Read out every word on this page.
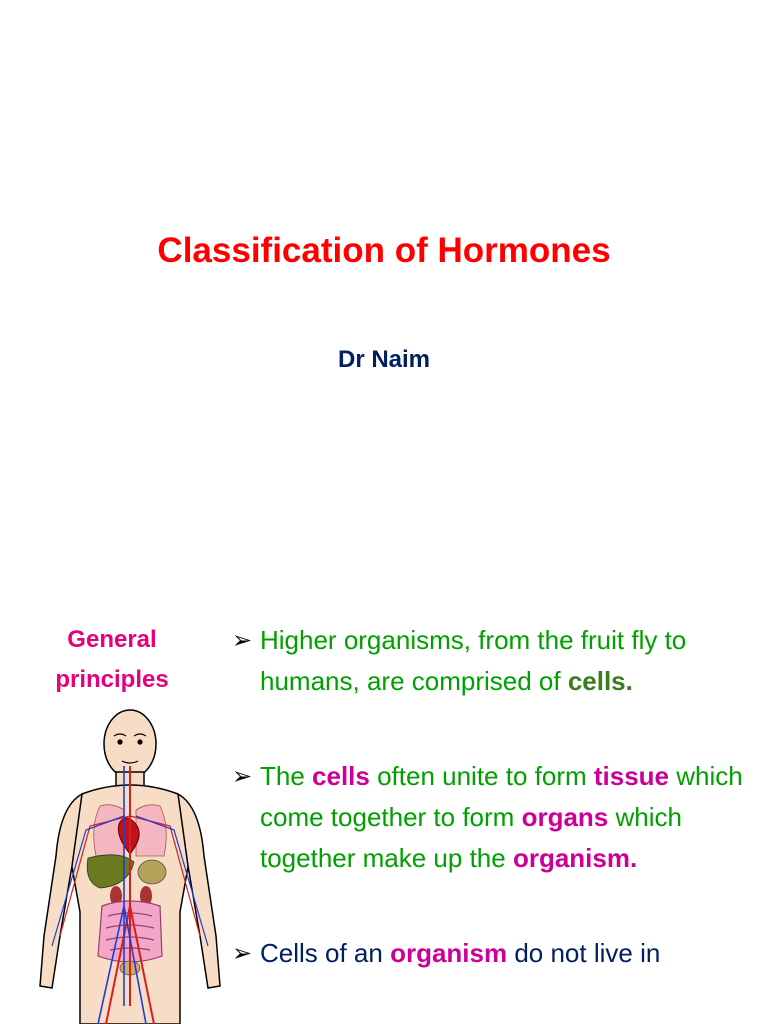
Classification of Hormones

Dr Naim

General
principles
➢ Higher organisms, from the fruit fly to humans, are comprised of cells.
➢ The cells often unite to form tissue which come together to form organs which together make up the organism.
➢ Cells of an organism do not live in
